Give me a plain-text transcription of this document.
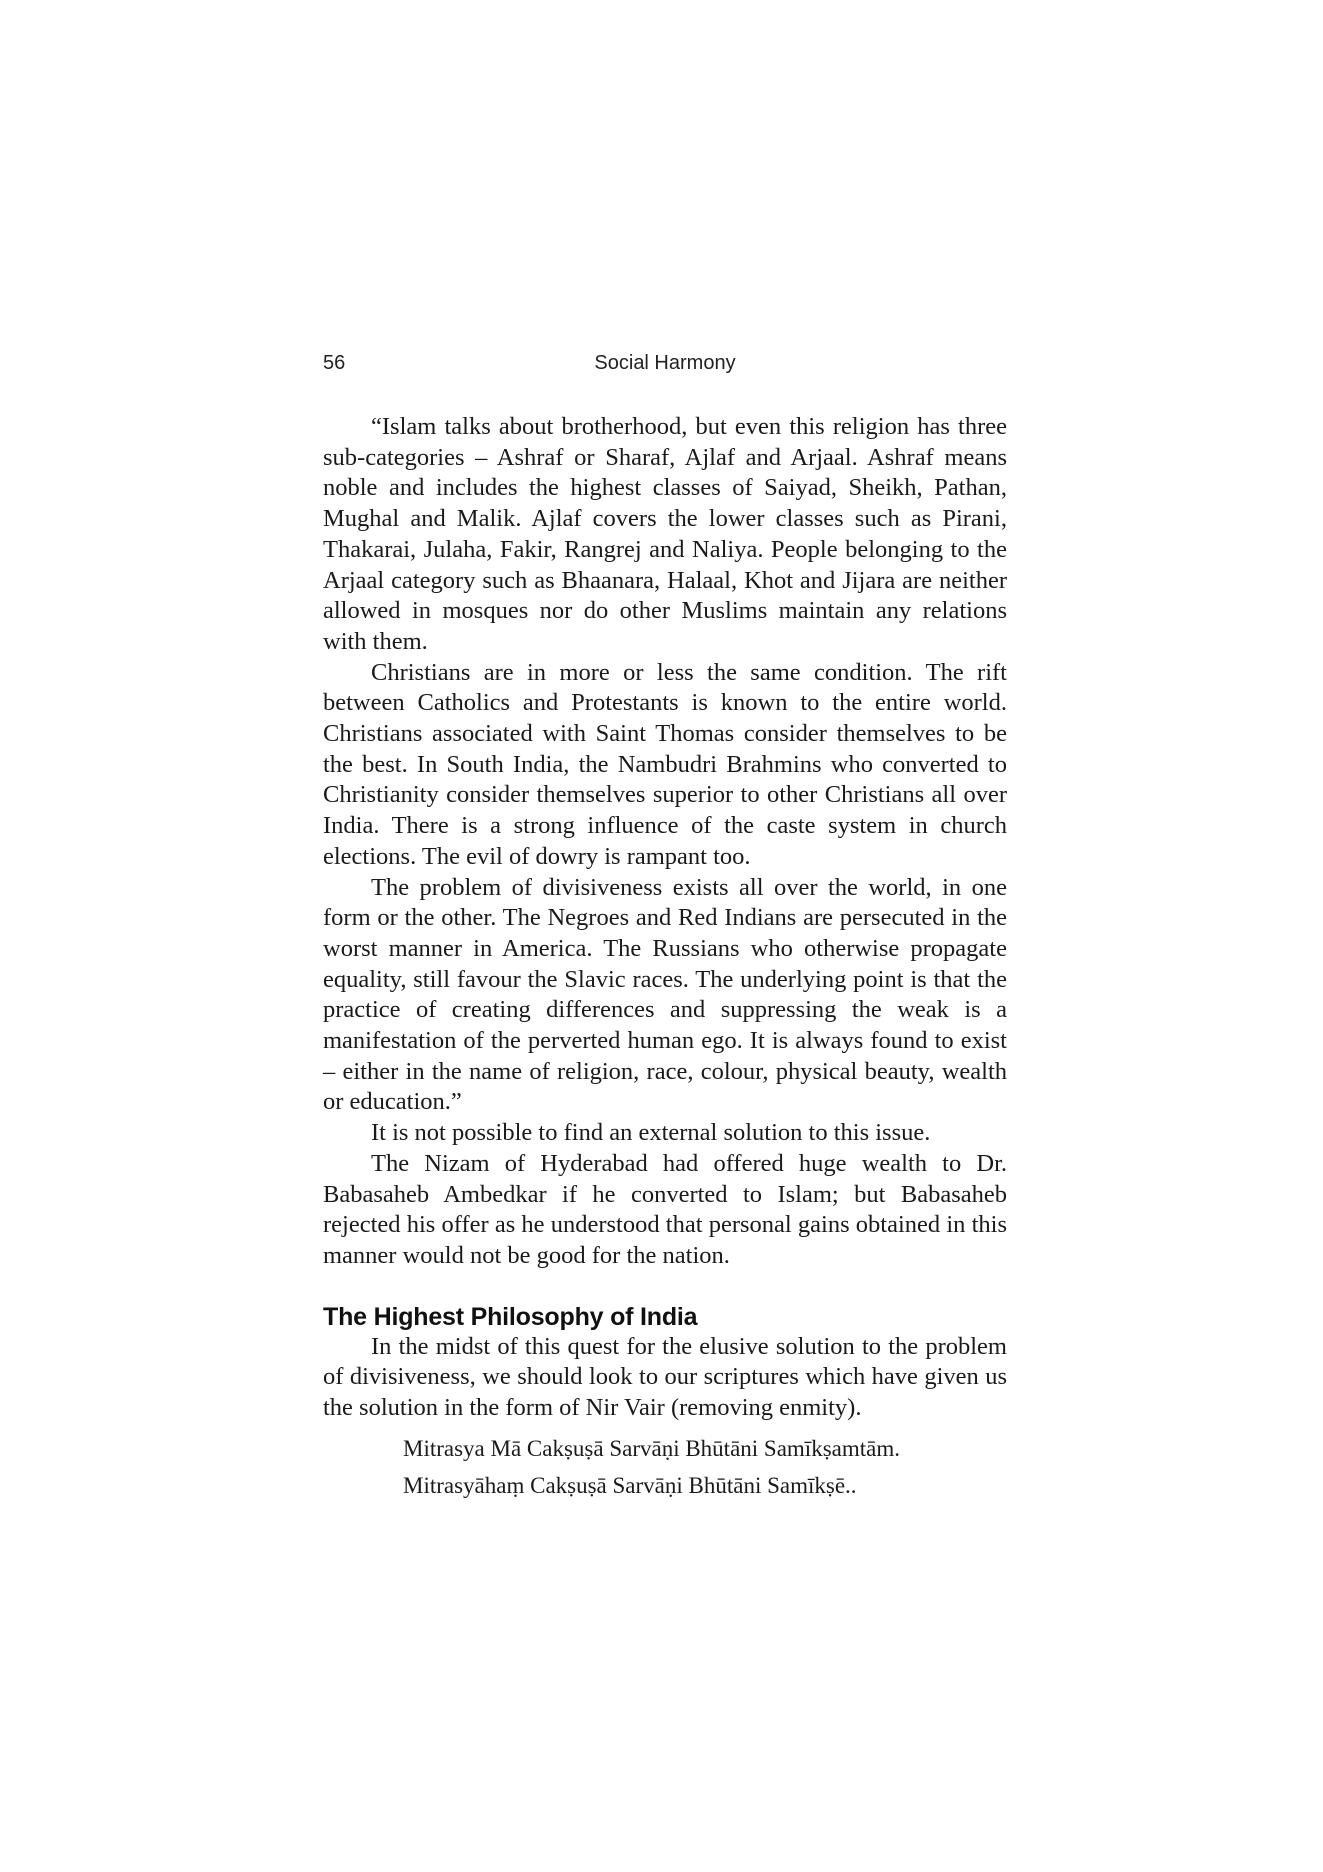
56	Social Harmony

“Islam talks about brotherhood, but even this religion has three sub-categories – Ashraf or Sharaf, Ajlaf and Arjaal. Ashraf means noble and includes the highest classes of Saiyad, Sheikh, Pathan, Mughal and Malik. Ajlaf covers the lower classes such as Pirani, Thakarai, Julaha, Fakir, Rangrej and Naliya. People belonging to the Arjaal category such as Bhaanara, Halaal, Khot and Jijara are neither allowed in mosques nor do other Muslims maintain any relations with them.

Christians are in more or less the same condition. The rift between Catholics and Protestants is known to the entire world. Christians associated with Saint Thomas consider themselves to be the best. In South India, the Nambudri Brahmins who converted to Christianity consider themselves superior to other Christians all over India. There is a strong influence of the caste system in church elections. The evil of dowry is rampant too.

The problem of divisiveness exists all over the world, in one form or the other. The Negroes and Red Indians are persecuted in the worst manner in America. The Russians who otherwise propagate equality, still favour the Slavic races. The underlying point is that the practice of creating differences and suppressing the weak is a manifestation of the perverted human ego. It is always found to exist – either in the name of religion, race, colour, physical beauty, wealth or education.”

It is not possible to find an external solution to this issue.

The Nizam of Hyderabad had offered huge wealth to Dr. Babasaheb Ambedkar if he converted to Islam; but Babasaheb rejected his offer as he understood that personal gains obtained in this manner would not be good for the nation.

The Highest Philosophy of India

In the midst of this quest for the elusive solution to the problem of divisiveness, we should look to our scriptures which have given us the solution in the form of Nir Vair (removing enmity).

Mitrasya Mā Cakṣuṣā Sarvāṇi Bhūtāni Samīkṣamtām.
Mitrasyāhaṃ Cakṣuṣā Sarvāṇi Bhūtāni Samīkṣē..
